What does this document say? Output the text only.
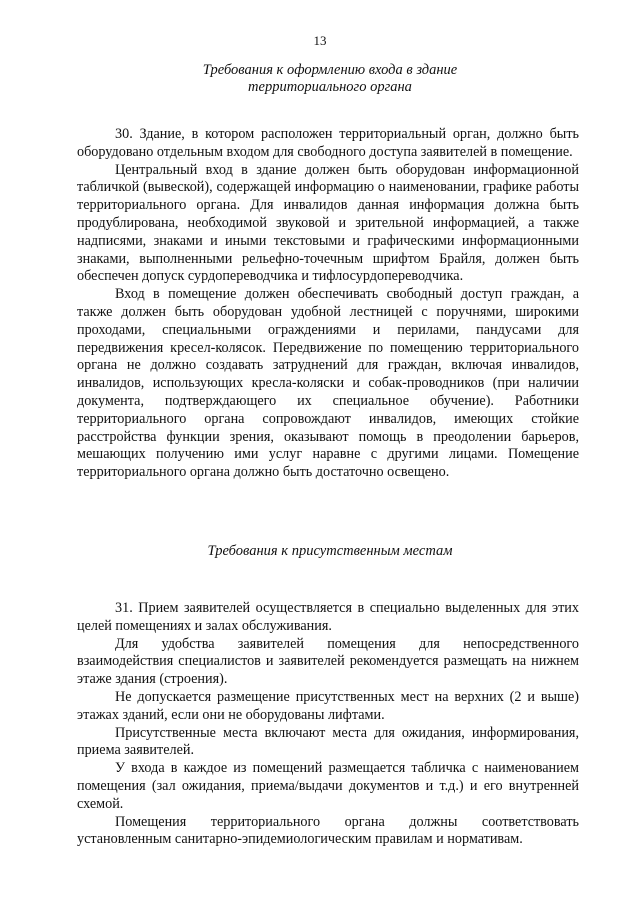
13
Требования к оформлению входа в здание
территориального органа

30. Здание, в котором расположен территориальный орган, должно быть оборудовано отдельным входом для свободного доступа заявителей в помещение.

Центральный вход в здание должен быть оборудован информационной табличкой (вывеской), содержащей информацию о наименовании, графике работы территориального органа. Для инвалидов данная информация должна быть продублирована, необходимой звуковой и зрительной информацией, а также надписями, знаками и иными текстовыми и графическими информационными знаками, выполненными рельефно-точечным шрифтом Брайля, должен быть обеспечен допуск сурдопереводчика и тифлосурдопереводчика.

Вход в помещение должен обеспечивать свободный доступ граждан, а также должен быть оборудован удобной лестницей с поручнями, широкими проходами, специальными ограждениями и перилами, пандусами для передвижения кресел-колясок. Передвижение по помещению территориального органа не должно создавать затруднений для граждан, включая инвалидов, инвалидов, использующих кресла-коляски и собак-проводников (при наличии документа, подтверждающего их специальное обучение). Работники территориального органа сопровождают инвалидов, имеющих стойкие расстройства функции зрения, оказывают помощь в преодолении барьеров, мешающих получению ими услуг наравне с другими лицами. Помещение территориального органа должно быть достаточно освещено.

Требования к присутственным местам

31. Прием заявителей осуществляется в специально выделенных для этих целей помещениях и залах обслуживания.

Для удобства заявителей помещения для непосредственного взаимодействия специалистов и заявителей рекомендуется размещать на нижнем этаже здания (строения).

Не допускается размещение присутственных мест на верхних (2 и выше) этажах зданий, если они не оборудованы лифтами.

Присутственные места включают места для ожидания, информирования, приема заявителей.

У входа в каждое из помещений размещается табличка с наименованием помещения (зал ожидания, приема/выдачи документов и т.д.) и его внутренней схемой.

Помещения территориального органа должны соответствовать установленным санитарно-эпидемиологическим правилам и нормативам.
